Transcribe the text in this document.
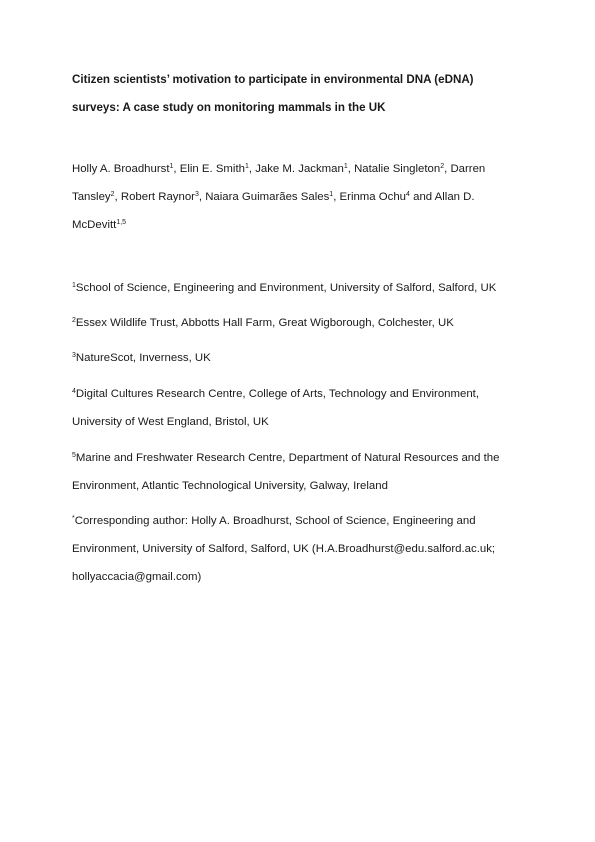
Citizen scientists’ motivation to participate in environmental DNA (eDNA)
surveys: A case study on monitoring mammals in the UK
Holly A. Broadhurst$^1$, Elin E. Smith$^1$, Jake M. Jackman$^1$, Natalie Singleton$^2$, Darren
Tansley$^2$, Robert Raynor$^3$, Naiara Guimarães Sales$^1$, Erinma Ochu$^4$ and Allan D.
McDevitt$^{1,5}$
$^1$School of Science, Engineering and Environment, University of Salford, Salford, UK
$^2$Essex Wildlife Trust, Abbotts Hall Farm, Great Wigborough, Colchester, UK
$^3$NatureScot, Inverness, UK
$^4$Digital Cultures Research Centre, College of Arts, Technology and Environment,
University of West England, Bristol, UK
$^5$Marine and Freshwater Research Centre, Department of Natural Resources and the
Environment, Atlantic Technological University, Galway, Ireland
*Corresponding author: Holly A. Broadhurst, School of Science, Engineering and
Environment, University of Salford, Salford, UK (H.A.Broadhurst@edu.salford.ac.uk;
hollyaccacia@gmail.com)
